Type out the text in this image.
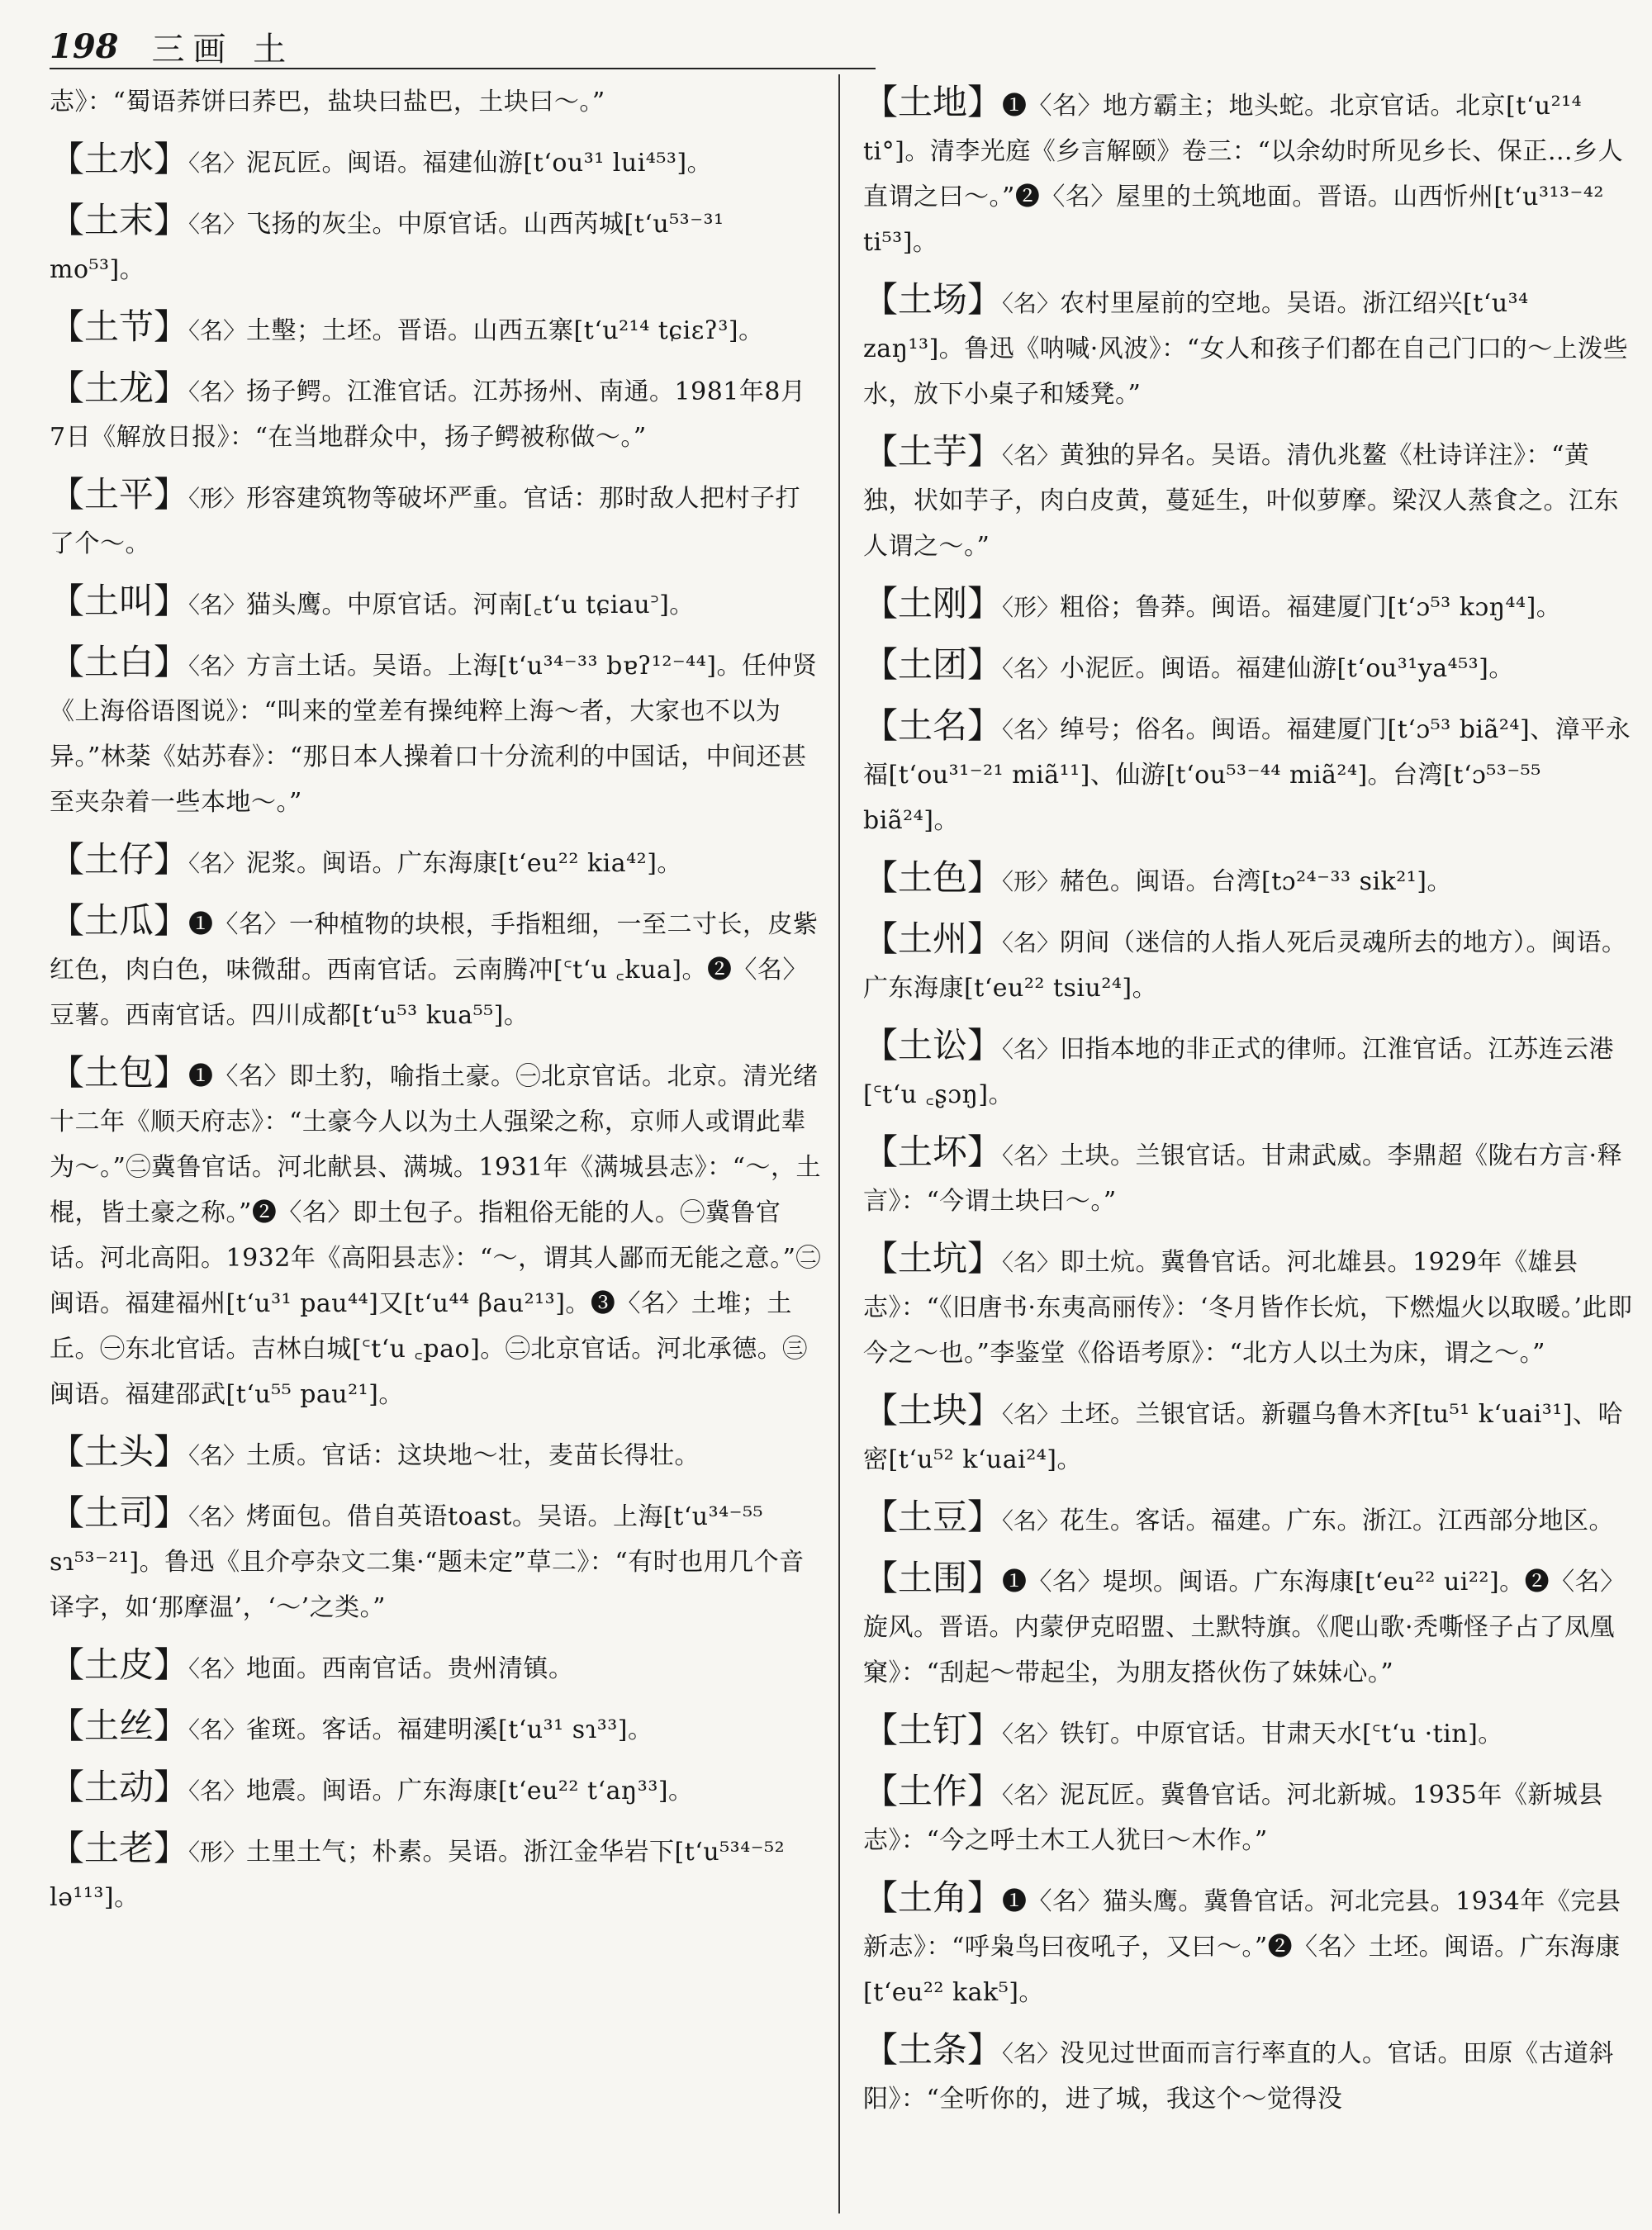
198 三画 土
志》：“蜀语荞饼曰荞巴，盐块曰盐巴，土块曰～。”
【土水】〈名〉泥瓦匠。闽语。福建仙游[tʻou³¹ lui⁴⁵³]。
【土末】〈名〉飞扬的灰尘。中原官话。山西芮城[tʻu⁵³⁻³¹ mo⁵³]。
【土节】〈名〉土墼；土坯。晋语。山西五寨[tʻu²¹⁴ tɕiɛʔ³]。
【土龙】〈名〉扬子鳄。江淮官话。江苏扬州、南通。1981年8月7日《解放日报》：“在当地群众中，扬子鳄被称做～。”
【土平】〈形〉形容建筑物等破坏严重。官话：那时敌人把村子打了个～。
【土叫】〈名〉猫头鹰。中原官话。河南[꜀tʻu tɕiau꜄]。
【土白】〈名〉方言土话。吴语。上海[tʻu³⁴⁻³³ bɐʔ¹²⁻⁴⁴]。任仲贤《上海俗语图说》：“叫来的堂差有操纯粹上海～者，大家也不以为异。”林棻《姑苏春》：“那日本人操着口十分流利的中国话，中间还甚至夹杂着一些本地～。”
【土仔】〈名〉泥浆。闽语。广东海康[tʻeu²² kia⁴²]。
【土瓜】❶〈名〉一种植物的块根，手指粗细，一至二寸长，皮紫红色，肉白色，味微甜。西南官话。云南腾冲[꜂tʻu ꜀kua]。❷〈名〉豆薯。西南官话。四川成都[tʻu⁵³ kua⁵⁵]。
【土包】❶〈名〉即土豹，喻指土豪。㊀北京官话。北京。清光绪十二年《顺天府志》：“土豪今人以为土人强梁之称，京师人或谓此辈为～。”㊁冀鲁官话。河北献县、满城。1931年《满城县志》：“～，土棍，皆土豪之称。”❷〈名〉即土包子。指粗俗无能的人。㊀冀鲁官话。河北高阳。1932年《高阳县志》：“～，谓其人鄙而无能之意。”㊁闽语。福建福州[tʻu³¹ pau⁴⁴]又[tʻu⁴⁴ βau²¹³]。❸〈名〉土堆；土丘。㊀东北官话。吉林白城[꜂tʻu ꜀pao]。㊁北京官话。河北承德。㊂闽语。福建邵武[tʻu⁵⁵ pau²¹]。
【土头】〈名〉土质。官话：这块地～壮，麦苗长得壮。
【土司】〈名〉烤面包。借自英语toast。吴语。上海[tʻu³⁴⁻⁵⁵ sɿ⁵³⁻²¹]。鲁迅《且介亭杂文二集·“题未定”草二》：“有时也用几个音译字，如‘那摩温’，‘～’之类。”
【土皮】〈名〉地面。西南官话。贵州清镇。
【土丝】〈名〉雀斑。客话。福建明溪[tʻu³¹ sɿ³³]。
【土动】〈名〉地震。闽语。广东海康[tʻeu²² tʻaŋ³³]。
【土老】〈形〉土里土气；朴素。吴语。浙江金华岩下[tʻu⁵³⁴⁻⁵² lə¹¹³]。
【土地】❶〈名〉地方霸主；地头蛇。北京官话。北京[tʻu²¹⁴ ti°]。清李光庭《乡言解颐》卷三：“以余幼时所见乡长、保正…乡人直谓之曰～。”❷〈名〉屋里的土筑地面。晋语。山西忻州[tʻu³¹³⁻⁴² ti⁵³]。
【土场】〈名〉农村里屋前的空地。吴语。浙江绍兴[tʻu³⁴ zaŋ¹³]。鲁迅《呐喊·风波》：“女人和孩子们都在自己门口的～上泼些水，放下小桌子和矮凳。”
【土芋】〈名〉黄独的异名。吴语。清仇兆鳌《杜诗详注》：“黄独，状如芋子，肉白皮黄，蔓延生，叶似萝摩。梁汉人蒸食之。江东人谓之～。”
【土刚】〈形〉粗俗；鲁莽。闽语。福建厦门[tʻɔ⁵³ kɔŋ⁴⁴]。
【土团】〈名〉小泥匠。闽语。福建仙游[tʻou³¹ya⁴⁵³]。
【土名】〈名〉绰号；俗名。闽语。福建厦门[tʻɔ⁵³ biã²⁴]、漳平永福[tʻou³¹⁻²¹ miã¹¹]、仙游[tʻou⁵³⁻⁴⁴ miã²⁴]。台湾[tʻɔ⁵³⁻⁵⁵ biã²⁴]。
【土色】〈形〉赭色。闽语。台湾[tɔ²⁴⁻³³ sik²¹]。
【土州】〈名〉阴间（迷信的人指人死后灵魂所去的地方）。闽语。广东海康[tʻeu²² tsiu²⁴]。
【土讼】〈名〉旧指本地的非正式的律师。江淮官话。江苏连云港[꜂tʻu ꜀ʂɔŋ]。
【土坏】〈名〉土块。兰银官话。甘肃武威。李鼎超《陇右方言·释言》：“今谓土块曰～。”
【土坑】〈名〉即土炕。冀鲁官话。河北雄县。1929年《雄县志》：“《旧唐书·东夷高丽传》：‘冬月皆作长炕，下燃煴火以取暖。’此即今之～也。”李鉴堂《俗语考原》：“北方人以土为床，谓之～。”
【土块】〈名〉土坯。兰银官话。新疆乌鲁木齐[tu⁵¹ kʻuai³¹]、哈密[tʻu⁵² kʻuai²⁴]。
【土豆】〈名〉花生。客话。福建。广东。浙江。江西部分地区。
【土围】❶〈名〉堤坝。闽语。广东海康[tʻeu²² ui²²]。❷〈名〉旋风。晋语。内蒙伊克昭盟、土默特旗。《爬山歌·秃嘶怪子占了凤凰窠》：“刮起～带起尘，为朋友搭伙伤了妹妹心。”
【土钉】〈名〉铁钉。中原官话。甘肃天水[꜂tʻu ·tin]。
【土作】〈名〉泥瓦匠。冀鲁官话。河北新城。1935年《新城县志》：“今之呼土木工人犹曰～木作。”
【土角】❶〈名〉猫头鹰。冀鲁官话。河北完县。1934年《完县新志》：“呼枭鸟曰夜吼子，又曰～。”❷〈名〉土坯。闽语。广东海康[tʻeu²² kak⁵]。
【土条】〈名〉没见过世面而言行率直的人。官话。田原《古道斜阳》：“全听你的，进了城，我这个～觉得没
